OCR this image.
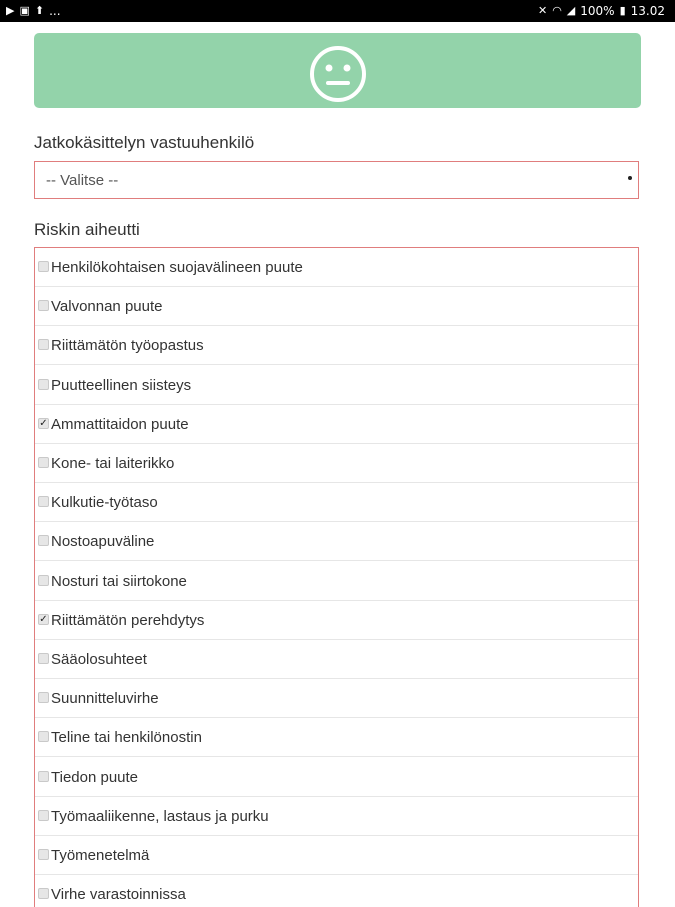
▶ ▣ ⬆ ...	✕ ◠ ◢ 100% ▮ 13.02
Jatkokäsittelyn vastuuhenkilö
-- Valitse --
Riskin aiheutti
Henkilökohtaisen suojavälineen puute
Valvonnan puute
Riittämätön työopastus
Puutteellinen siisteys
✓ Ammattitaidon puute
Kone- tai laiterikko
Kulkutie-työtaso
Nostoapuväline
Nosturi tai siirtokone
✓ Riittämätön perehdytys
Sääolosuhteet
Suunnitteluvirhe
Teline tai henkilönostin
Tiedon puute
Työmaaliikenne, lastaus ja purku
Työmenetelmä
Virhe varastoinnissa
